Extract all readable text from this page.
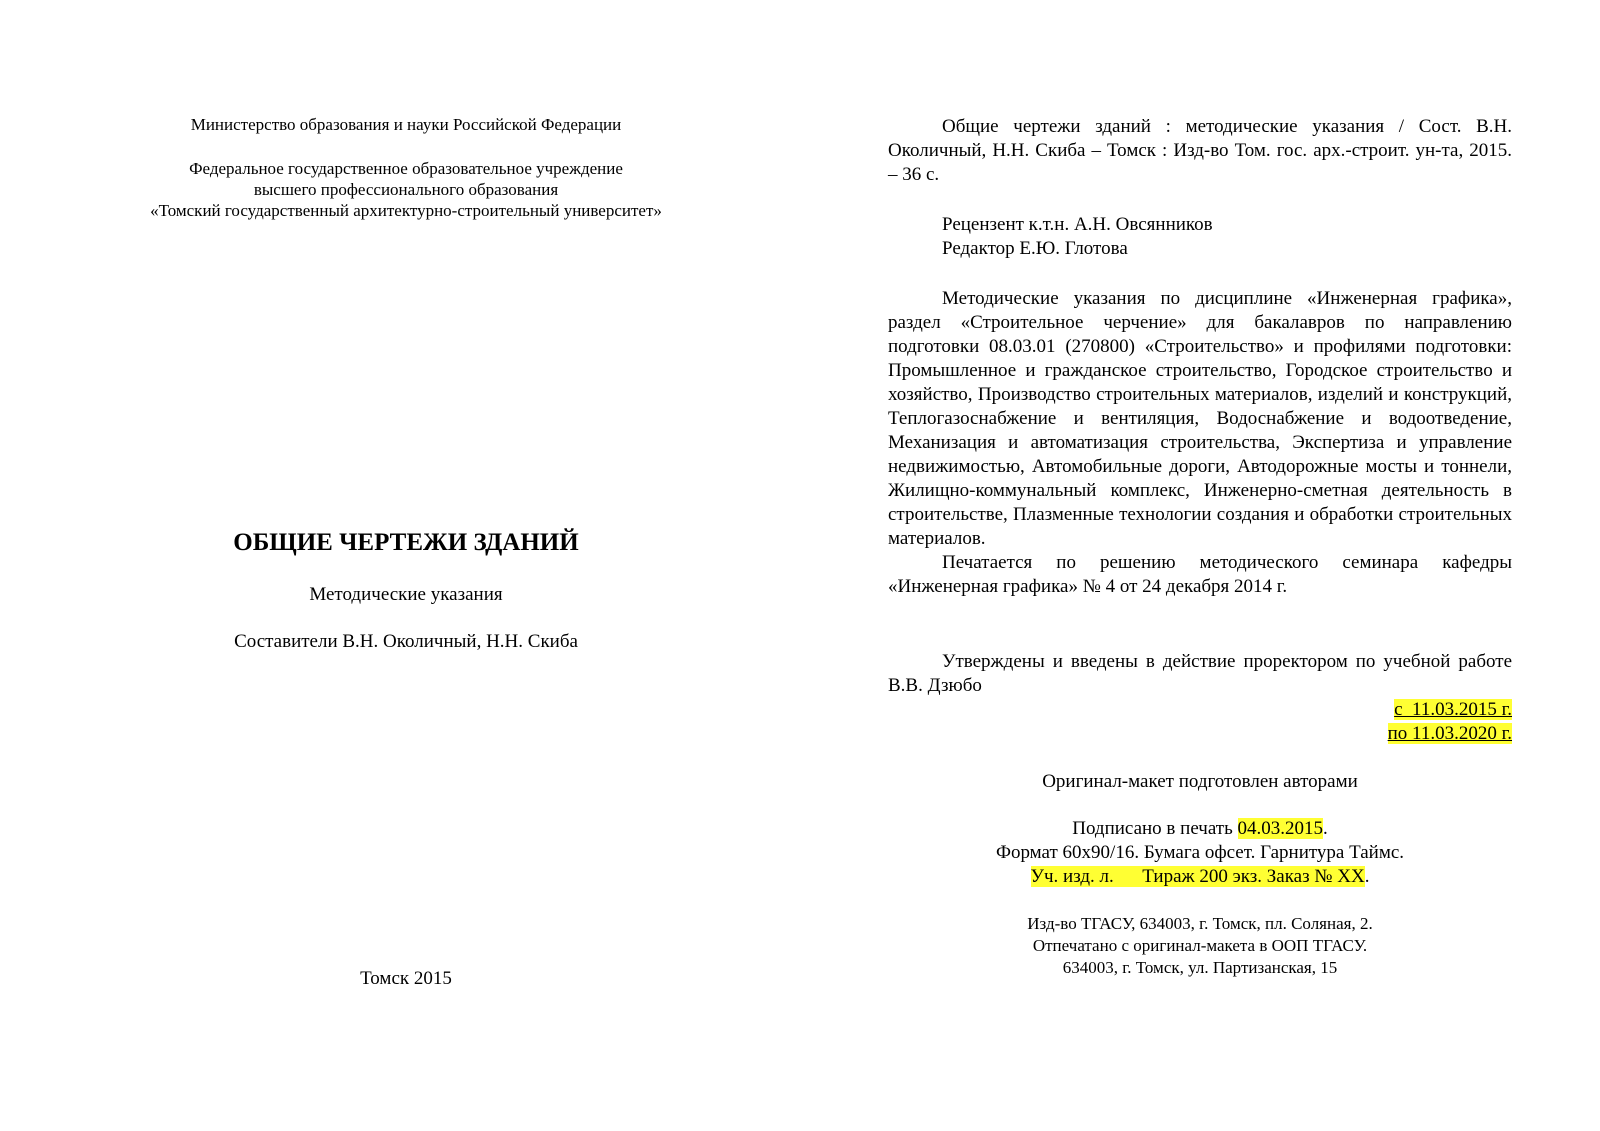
Министерство образования и науки Российской Федерации
Федеральное государственное образовательное учреждение
высшего профессионального образования
«Томский государственный архитектурно-строительный университет»
ОБЩИЕ ЧЕРТЕЖИ ЗДАНИЙ
Методические указания
Составители В.Н. Околичный, Н.Н. Скиба
Томск 2015
Общие чертежи зданий : методические указания / Сост. В.Н. Околичный, Н.Н. Скиба – Томск : Изд-во Том. гос. арх.-строит. ун-та, 2015. – 36 с.
Рецензент к.т.н. А.Н. Овсянников
Редактор Е.Ю. Глотова
Методические указания по дисциплине «Инженерная графика», раздел «Строительное черчение» для бакалавров по направлению подготовки 08.03.01 (270800) «Строительство» и профилями подготовки: Промышленное и гражданское строительство, Городское строительство и хозяйство, Производство строительных материалов, изделий и конструкций, Теплогазоснабжение и вентиляция, Водоснабжение и водоотведение, Механизация и автоматизация строительства, Экспертиза и управление недвижимостью, Автомобильные дороги, Автодорожные мосты и тоннели, Жилищно-коммунальный комплекс, Инженерно-сметная деятельность в строительстве, Плазменные технологии создания и обработки строительных материалов.
Печатается по решению методического семинара кафедры «Инженерная графика» № 4 от 24 декабря 2014 г.
Утверждены и введены в действие проректором по учебной работе В.В. Дзюбо
с  11.03.2015 г.
по 11.03.2020 г.
Оригинал-макет подготовлен авторами
Подписано в печать 04.03.2015.
Формат 60х90/16. Бумага офсет. Гарнитура Таймс.
Уч. изд. л.      Тираж 200 экз. Заказ № XX.
Изд-во ТГАСУ, 634003, г. Томск, пл. Соляная, 2.
Отпечатано с оригинал-макета в ООП ТГАСУ.
634003, г. Томск, ул. Партизанская, 15
